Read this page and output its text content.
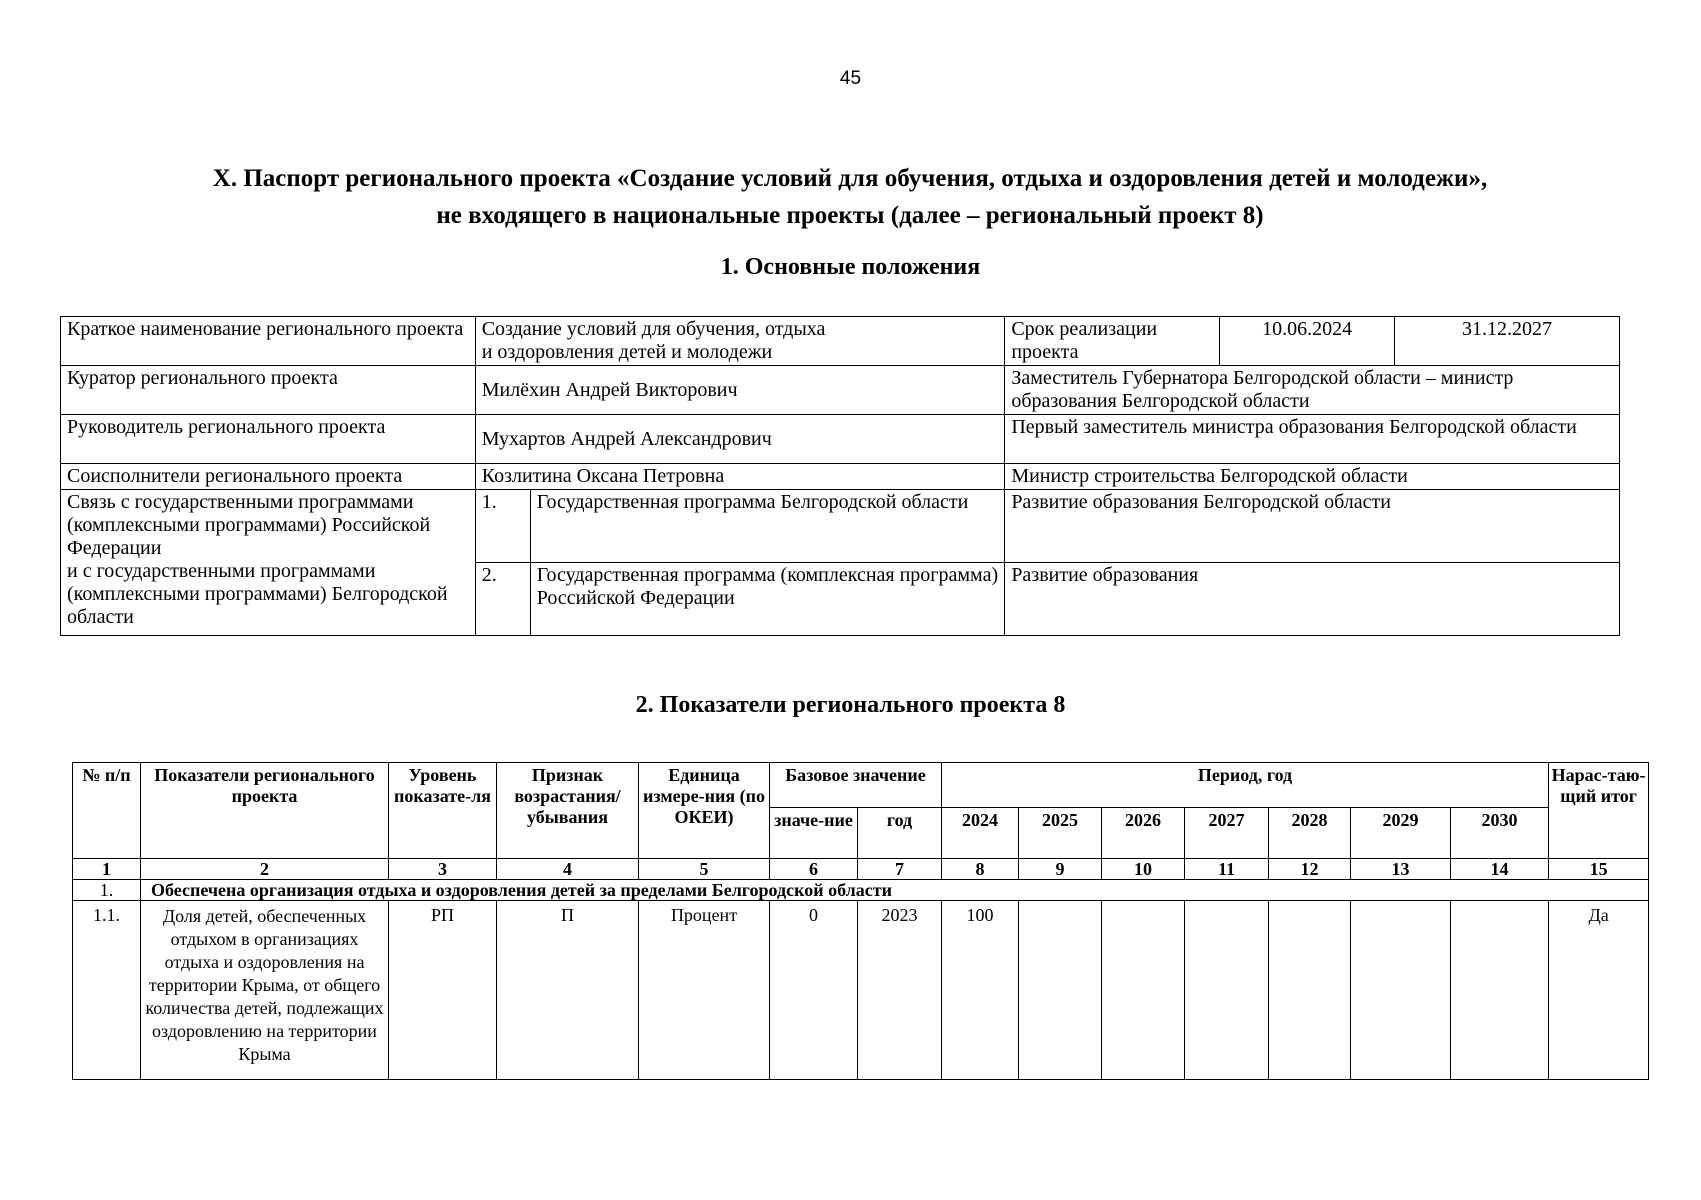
45
X. Паспорт регионального проекта «Создание условий для обучения, отдыха и оздоровления детей и молодежи»,
не входящего в национальные проекты (далее – региональный проект 8)
1. Основные положения
Краткое наименование регионального проекта	Создание условий для обучения, отдыха
и оздоровления детей и молодежи		Срок реализации проекта	10.06.2024	31.12.2027
Куратор регионального проекта	Милёхин Андрей Викторович		Заместитель Губернатора Белгородской области – министр образования Белгородской области		
Руководитель регионального проекта	Мухартов Андрей Александрович		Первый заместитель министра образования Белгородской области		
Соисполнители регионального проекта	Козлитина Оксана Петровна		Министр строительства Белгородской области		

Связь с государственными программами (комплексными программами) Российской Федерации
и с государственными программами (комплексными программами) Белгородской области	1.	Государственная программа Белгородской области	Развитие образования Белгородской области		
	2.	Государственная программа (комплексная программа) Российской Федерации	Развитие образования		
2. Показатели регионального проекта 8
№ п/п	Показатели регионального проекта	Уровень показате-ля	Признак возрастания/ убывания	Единица измере-ния (по ОКЕИ)	Базовое значение		Период, год							Нарас-таю-щий итог
					значе-ние	год	2024	2025	2026	2027	2028	2029	2030	
1	2	3	4	5	6	7	8	9	10	11	12	13	14	15
1.	Обеспечена организация отдыха и оздоровления детей за пределами Белгородской области													
1.1.	Доля детей, обеспеченных отдыхом в организациях отдыха и оздоровления на территории Крыма, от общего количества детей, подлежащих оздоровлению на территории Крыма	РП	П	Процент	0	2023	100							Да
